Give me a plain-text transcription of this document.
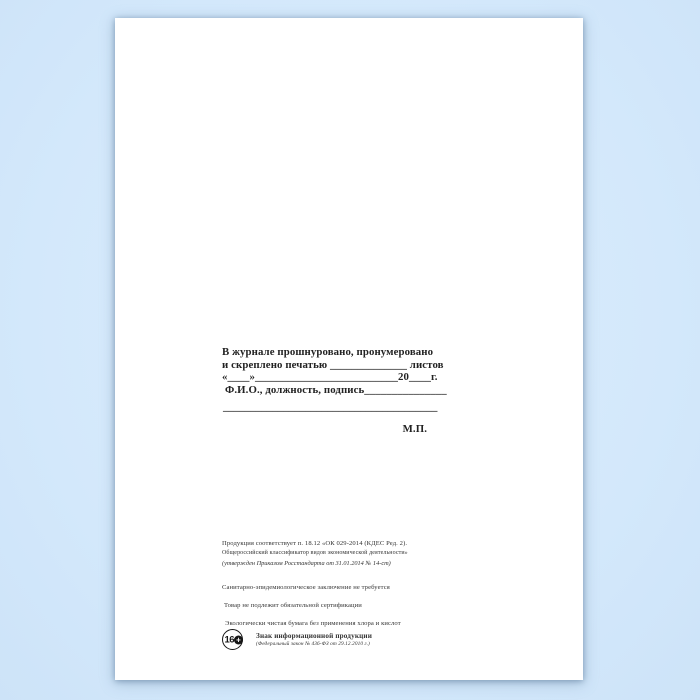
В журнале прошнуровано, пронумеровано
и скреплено печатью ______________ листов
«____»__________________________20____г.
Ф.И.О., должность, подпись_______________
_______________________________________
М.П.
Продукция соответствует п. 18.12 «ОК 029-2014 (КДЕС Ред. 2).
Общероссийский классификатор видов экономической деятельности»
(утвержден Приказом Росстандарта от 31.01.2014 № 14-ст)
Санитарно-эпидемиологическое заключение не требуется
Товар не подлежит обязательной сертификации
Экологически чистая бумага без применения хлора и кислот
16 +	Знак информационной продукции
(Федеральный закон № 436-ФЗ от 29.12.2010 г.)
